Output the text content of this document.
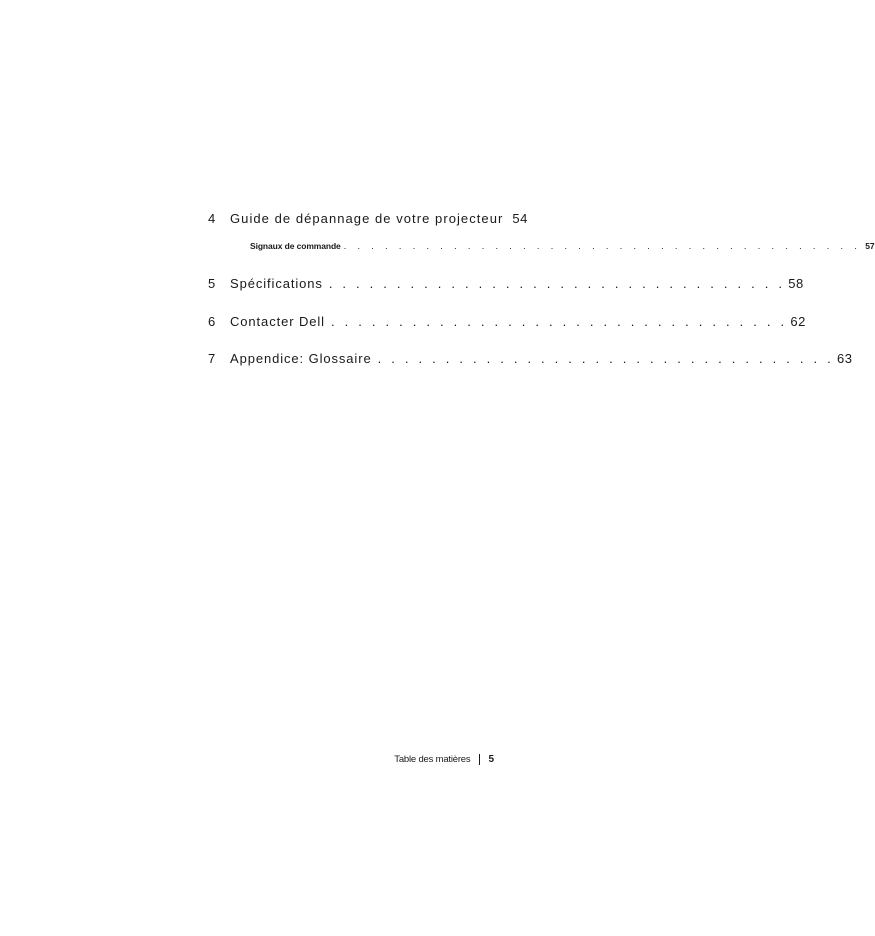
4	Guide de dépannage de votre projecteur 54
Signaux de commande . . . . . . . . . . . . . . . . . . . . . . . . . . . . . . . . . . . . . . 57
5	Spécifications . . . . . . . . . . . . . . . . . . . . . . . . . . . . . . . . . . 58
6	Contacter Dell . . . . . . . . . . . . . . . . . . . . . . . . . . . . . . . . . . 62
7	Appendice: Glossaire . . . . . . . . . . . . . . . . . . . . . . . . . . . . . . . . . . 63
Table des matières 5
